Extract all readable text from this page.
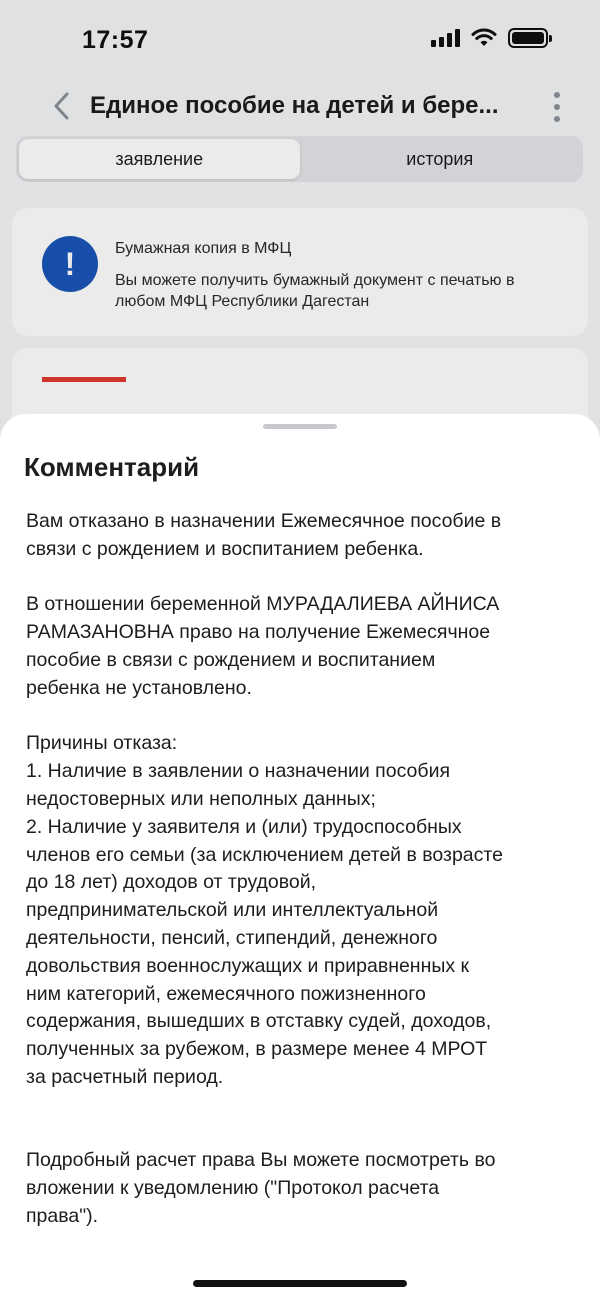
17:57
Единое пособие на детей и бере...
заявление	история
!	Бумажная копия в МФЦ
Вы можете получить бумажный документ с печатью в любом МФЦ Республики Дагестан
Комментарий
Вам отказано в назначении Ежемесячное пособие в
связи с рождением и воспитанием ребенка.
В отношении беременной МУРАДАЛИЕВА АЙНИСА
РАМАЗАНОВНА право на получение Ежемесячное
пособие в связи с рождением и воспитанием
ребенка не установлено.
Причины отказа:
1. Наличие в заявлении о назначении пособия
недостоверных или неполных данных;
2. Наличие у заявителя и (или) трудоспособных
членов его семьи (за исключением детей в возрасте
до 18 лет) доходов от трудовой,
предпринимательской или интеллектуальной
деятельности, пенсий, стипендий, денежного
довольствия военнослужащих и приравненных к
ним категорий, ежемесячного пожизненного
содержания, вышедших в отставку судей, доходов,
полученных за рубежом, в размере менее 4 МРОТ
за расчетный период.
Подробный расчет права Вы можете посмотреть во
вложении к уведомлению ("Протокол расчета
права").
